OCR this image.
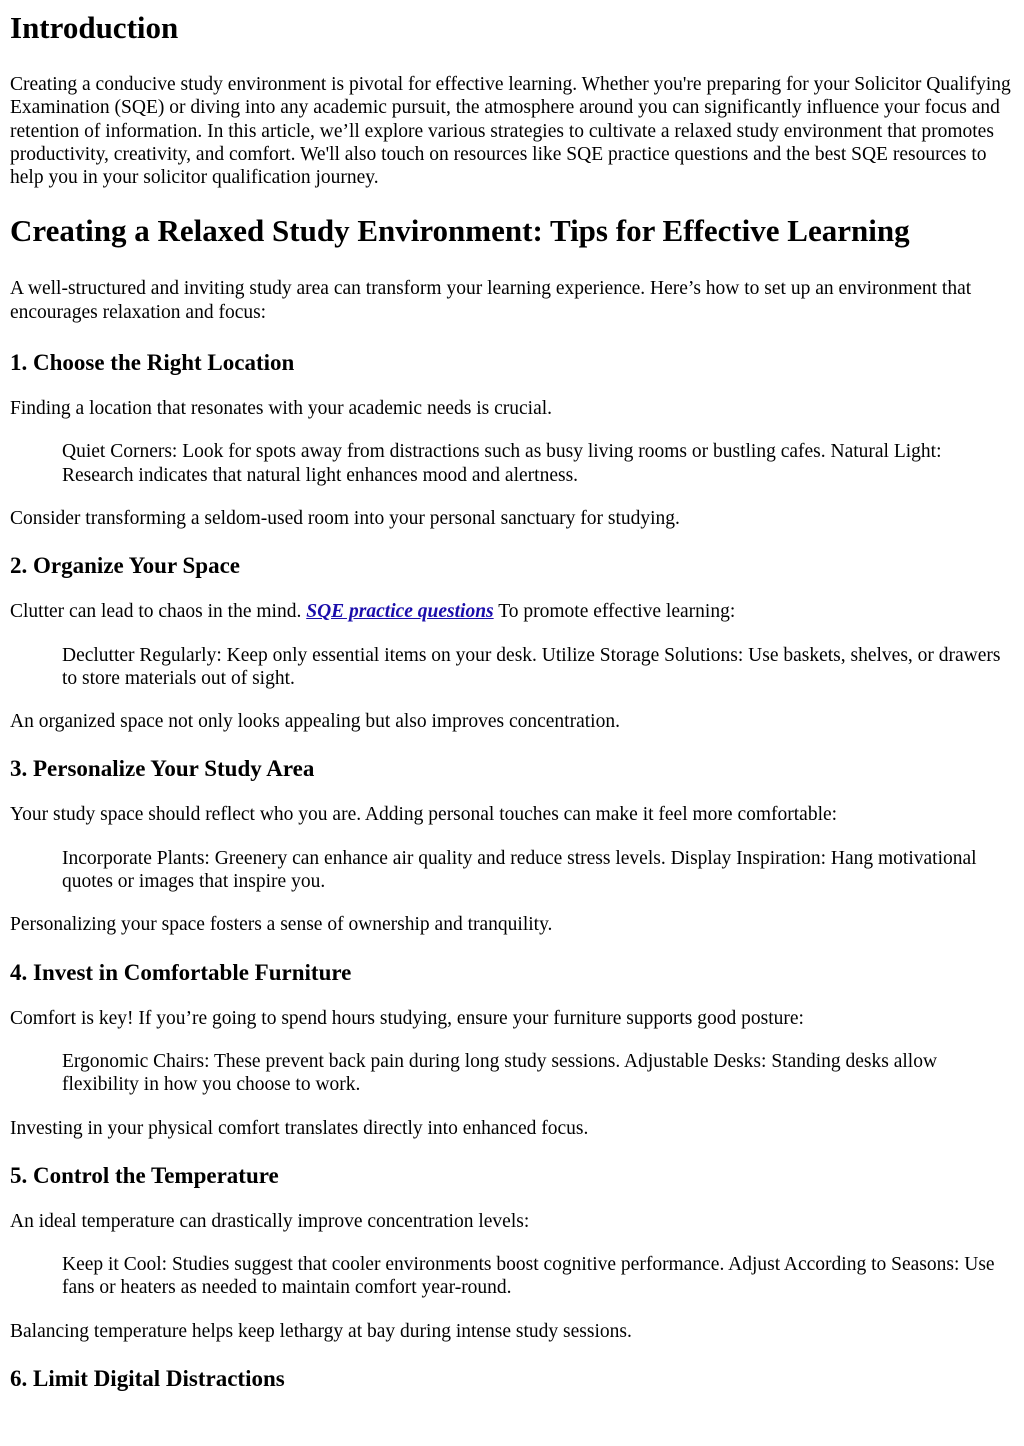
Introduction

Creating a conducive study environment is pivotal for effective learning. Whether you're preparing for your Solicitor Qualifying Examination (SQE) or diving into any academic pursuit, the atmosphere around you can significantly influence your focus and retention of information. In this article, we’ll explore various strategies to cultivate a relaxed study environment that promotes productivity, creativity, and comfort. We'll also touch on resources like SQE practice questions and the best SQE resources to help you in your solicitor qualification journey.

Creating a Relaxed Study Environment: Tips for Effective Learning

A well-structured and inviting study area can transform your learning experience. Here’s how to set up an environment that encourages relaxation and focus:

1. Choose the Right Location

Finding a location that resonates with your academic needs is crucial.

Quiet Corners: Look for spots away from distractions such as busy living rooms or bustling cafes. Natural Light: Research indicates that natural light enhances mood and alertness.

Consider transforming a seldom-used room into your personal sanctuary for studying.

2. Organize Your Space

Clutter can lead to chaos in the mind. SQE practice questions To promote effective learning:

Declutter Regularly: Keep only essential items on your desk. Utilize Storage Solutions: Use baskets, shelves, or drawers to store materials out of sight.

An organized space not only looks appealing but also improves concentration.

3. Personalize Your Study Area

Your study space should reflect who you are. Adding personal touches can make it feel more comfortable:

Incorporate Plants: Greenery can enhance air quality and reduce stress levels. Display Inspiration: Hang motivational quotes or images that inspire you.

Personalizing your space fosters a sense of ownership and tranquility.

4. Invest in Comfortable Furniture

Comfort is key! If you’re going to spend hours studying, ensure your furniture supports good posture:

Ergonomic Chairs: These prevent back pain during long study sessions. Adjustable Desks: Standing desks allow flexibility in how you choose to work.

Investing in your physical comfort translates directly into enhanced focus.

5. Control the Temperature

An ideal temperature can drastically improve concentration levels:

Keep it Cool: Studies suggest that cooler environments boost cognitive performance. Adjust According to Seasons: Use fans or heaters as needed to maintain comfort year-round.

Balancing temperature helps keep lethargy at bay during intense study sessions.

6. Limit Digital Distractions
